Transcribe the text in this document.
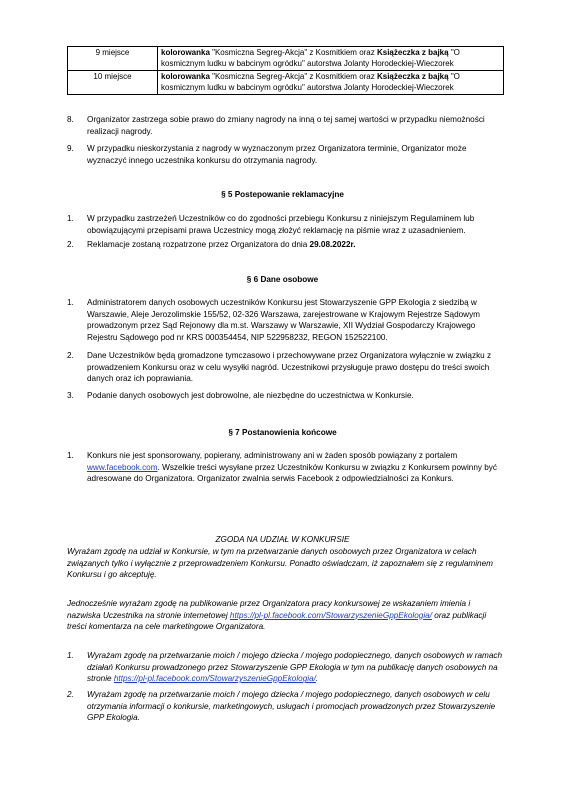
9 miejsce	kolorowanka "Kosmiczna Segreg-Akcja" z Kosmitkiem oraz Książeczka z bajką "O kosmicznym ludku w babcinym ogródku" autorstwa Jolanty Horodeckiej-Wieczorek
10 miejsce	kolorowanka "Kosmiczna Segreg-Akcja" z Kosmitkiem oraz Książeczka z bajką "O kosmicznym ludku w babcinym ogródku" autorstwa Jolanty Horodeckiej-Wieczorek
8. Organizator zastrzega sobie prawo do zmiany nagrody na inną o tej samej wartości w przypadku niemożności realizacji nagrody.
9. W przypadku nieskorzystania z nagrody w wyznaczonym przez Organizatora terminie, Organizator może wyznaczyć innego uczestnika konkursu do otrzymania nagrody.
§ 5 Postepowanie reklamacyjne
1. W przypadku zastrzeżeń Uczestników co do zgodności przebiegu Konkursu z niniejszym Regulaminem lub obowiązującymi przepisami prawa Uczestnicy mogą złożyć reklamację na piśmie wraz z uzasadnieniem.
2. Reklamacje zostaną rozpatrzone przez Organizatora do dnia 29.08.2022r.
§ 6 Dane osobowe
1. Administratorem danych osobowych uczestników Konkursu jest Stowarzyszenie GPP Ekologia z siedzibą w Warszawie, Aleje Jerozolimskie 155/52, 02-326 Warszawa, zarejestrowane w Krajowym Rejestrze Sądowym prowadzonym przez Sąd Rejonowy dla m.st. Warszawy w Warszawie, XII Wydział Gospodarczy Krajowego Rejestru Sądowego pod nr KRS 000354454, NIP 522958232, REGON 152522100.
2. Dane Uczestników będą gromadzone tymczasowo i przechowywane przez Organizatora wyłącznie w związku z prowadzeniem Konkursu oraz w celu wysyłki nagród. Uczestnikowi przysługuje prawo dostępu do treści swoich danych oraz ich poprawiania.
3. Podanie danych osobowych jest dobrowolne, ale niezbędne do uczestnictwa w Konkursie.
§ 7 Postanowienia końcowe
1. Konkurs nie jest sponsorowany, popierany, administrowany ani w żaden sposób powiązany z portalem www.facebook.com. Wszelkie treści wysyłane przez Uczestników Konkursu w związku z Konkursem powinny być adresowane do Organizatora. Organizator zwalnia serwis Facebook z odpowiedzialności za Konkurs.
ZGODA NA UDZIAŁ W KONKURSIE
Wyrażam zgodę na udział w Konkursie, w tym na przetwarzanie danych osobowych przez Organizatora w celach związanych tylko i wyłącznie z przeprowadzeniem Konkursu. Ponadto oświadczam, iż zapoznałem się z regulaminem Konkursu i go akceptuję.
Jednocześnie wyrażam zgodę na publikowanie przez Organizatora pracy konkursowej ze wskazaniem imienia i nazwiska Uczestnika na stronie internetowej https://pl-pl.facebook.com/StowarzyszenieGppEkologia/ oraz publikacji treści komentarza na cele marketingowe Organizatora.
1. Wyrażam zgodę na przetwarzanie moich / mojego dziecka / mojego podopiecznego, danych osobowych w ramach działań Konkursu prowadzonego przez Stowarzyszenie GPP Ekologia w tym na publikację danych osobowych na stronie https://pl-pl.facebook.com/StowarzyszenieGppEkologia/.
2. Wyrażam zgodę na przetwarzanie moich / mojego dziecka / mojego podopiecznego, danych osobowych w celu otrzymania informacji o konkursie, marketingowych, usługach i promocjach prowadzonych przez Stowarzyszenie GPP Ekologia.
